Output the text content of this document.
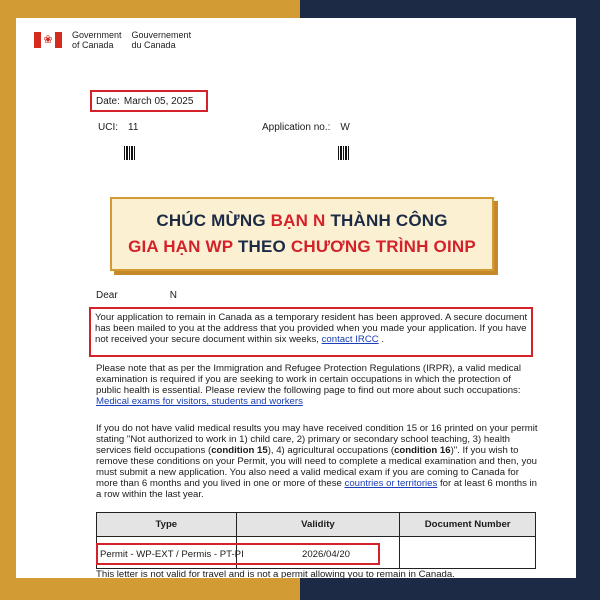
❀ Government
of Canada
Gouvernement
du Canada
Date: March 05, 2025
UCI: 11	Application no.: W
CHÚC MỪNG BẠN N THÀNH CÔNG
GIA HẠN WP THEO CHƯƠNG TRÌNH OINP
Dear	N
Your application to remain in Canada as a temporary resident has been approved. A secure document has been mailed to you at the address that you provided when you made your application. If you have not received your secure document within six weeks, contact IRCC .
Please note that as per the Immigration and Refugee Protection Regulations (IRPR), a valid medical examination is required if you are seeking to work in certain occupations in which the protection of public health is essential. Please review the following page to find out more about such occupations: Medical exams for visitors, students and workers
If you do not have valid medical results you may have received condition 15 or 16 printed on your permit stating "Not authorized to work in 1) child care, 2) primary or secondary school teaching, 3) health services field occupations (condition 15), 4) agricultural occupations (condition 16)". If you wish to remove these conditions on your Permit, you will need to complete a medical examination and then, you must submit a new application. You also need a valid medical exam if you are coming to Canada for more than 6 months and you lived in one or more of these countries or territories for at least 6 months in a row within the last year.
Type	Validity	Document Number

Permit - WP-EXT / Permis - PT-PI	2026/04/20
This letter is not valid for travel and is not a permit allowing you to remain in Canada.
